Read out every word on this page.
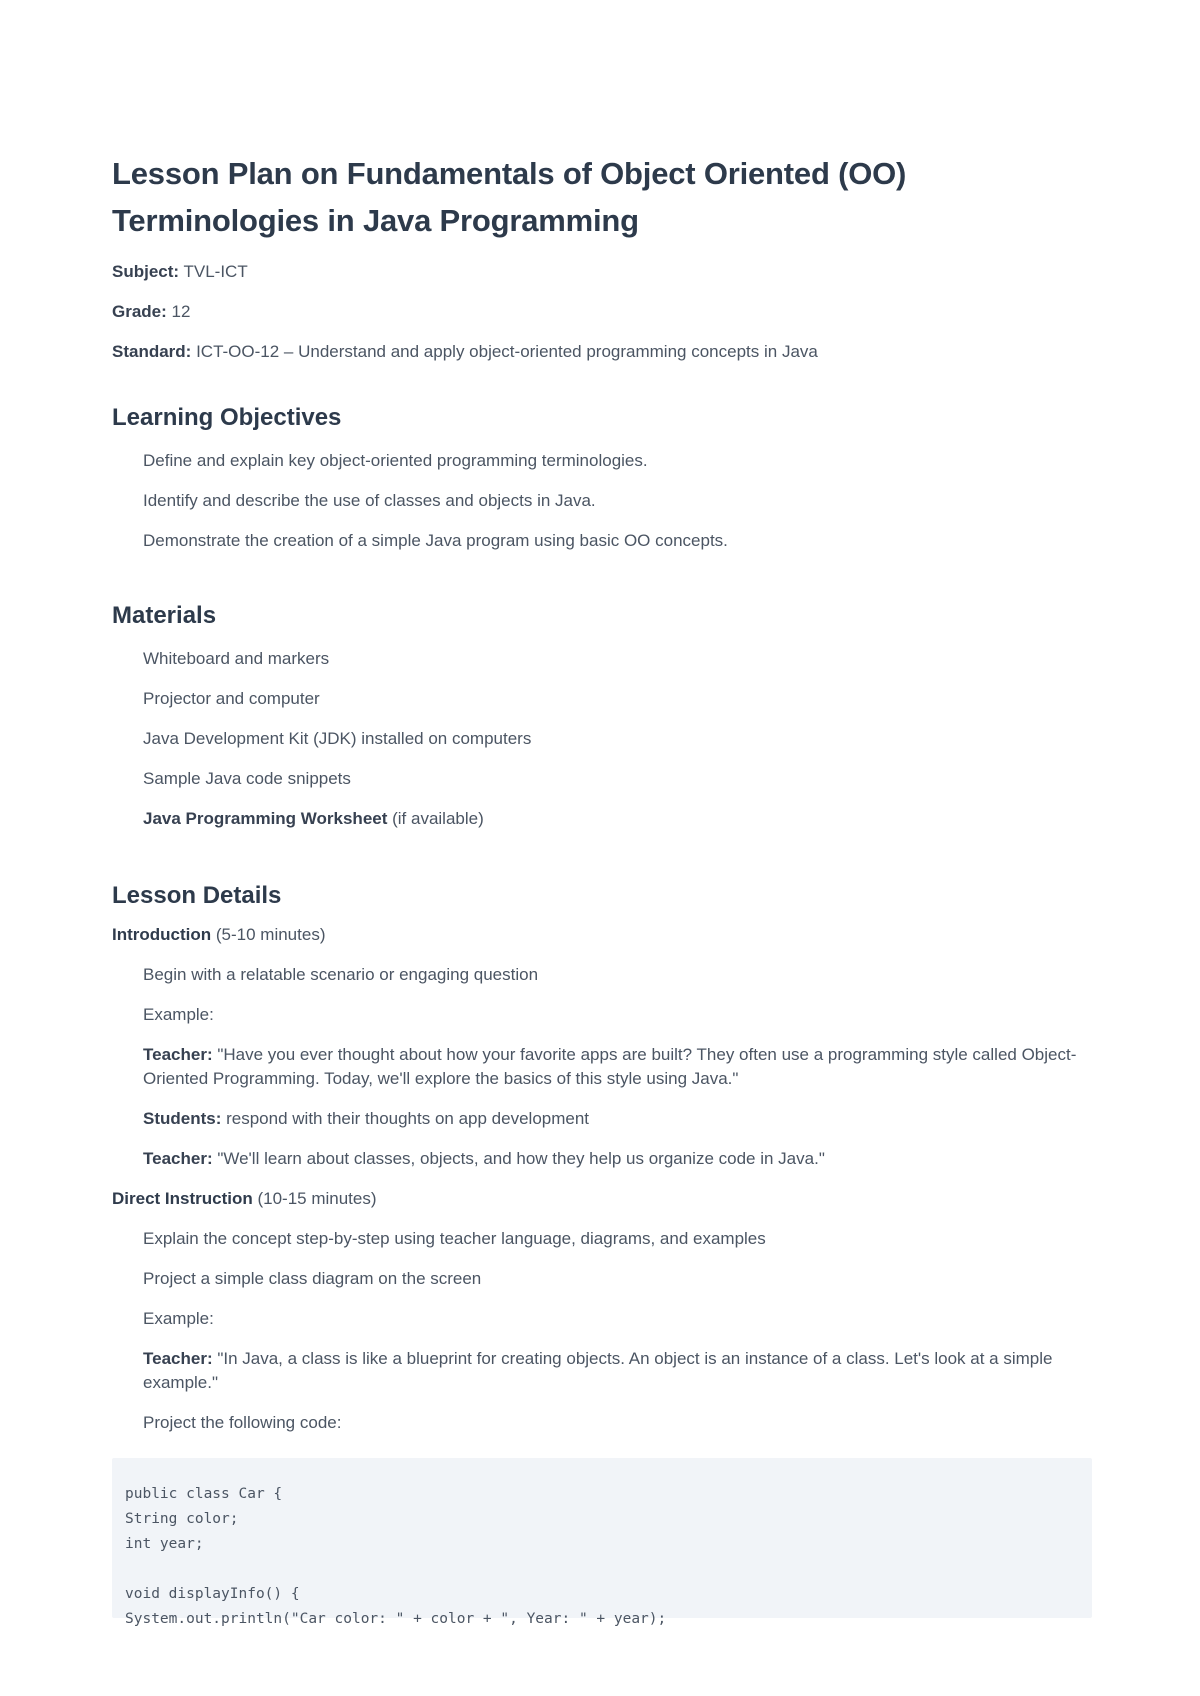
Lesson Plan on Fundamentals of Object Oriented (OO) Terminologies in Java Programming

Subject: TVL-ICT

Grade: 12

Standard: ICT-OO-12 – Understand and apply object-oriented programming concepts in Java

Learning Objectives

Define and explain key object-oriented programming terminologies.

Identify and describe the use of classes and objects in Java.

Demonstrate the creation of a simple Java program using basic OO concepts.

Materials

Whiteboard and markers

Projector and computer

Java Development Kit (JDK) installed on computers

Sample Java code snippets

Java Programming Worksheet (if available)

Lesson Details

Introduction (5-10 minutes)

Begin with a relatable scenario or engaging question

Example:

Teacher: "Have you ever thought about how your favorite apps are built? They often use a programming style called Object-Oriented Programming. Today, we'll explore the basics of this style using Java."

Students: respond with their thoughts on app development

Teacher: "We'll learn about classes, objects, and how they help us organize code in Java."

Direct Instruction (10-15 minutes)

Explain the concept step-by-step using teacher language, diagrams, and examples

Project a simple class diagram on the screen

Example:

Teacher: "In Java, a class is like a blueprint for creating objects. An object is an instance of a class. Let's look at a simple example."

Project the following code:

public class Car {
String color;
int year;

void displayInfo() {
System.out.println("Car color: " + color + ", Year: " + year);
